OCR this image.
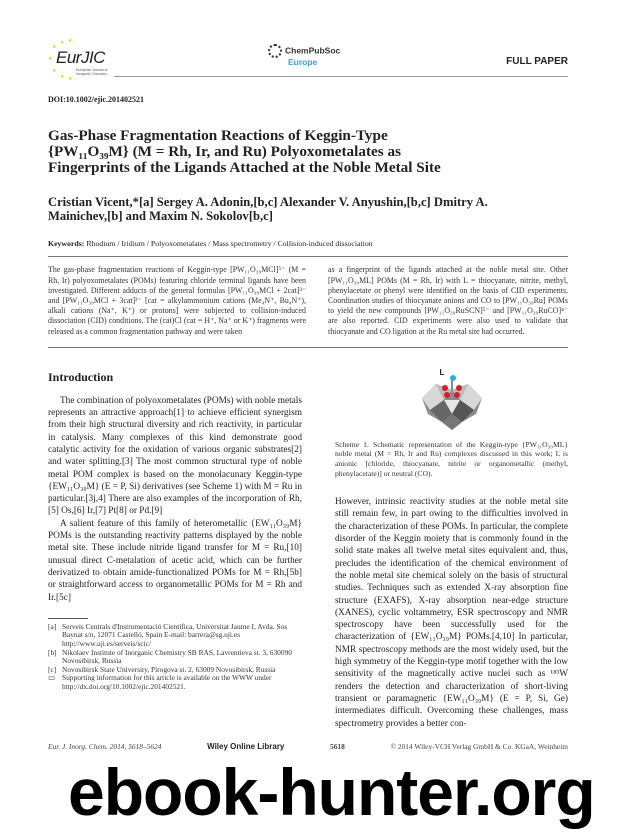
★
★ ★
★
★
★ ★
EurJIC
European Journal of Inorganic Chemistry
ChemPubSoc
Europe	FULL PAPER
DOI:10.1002/ejic.201402521
Gas-Phase Fragmentation Reactions of Keggin-Type {PW₁₁O₃₉M} (M = Rh, Ir, and Ru) Polyoxometalates as Fingerprints of the Ligands Attached at the Noble Metal Site
Cristian Vicent,*[a] Sergey A. Adonin,[b,c] Alexander V. Anyushin,[b,c] Dmitry A. Mainichev,[b] and Maxim N. Sokolov[b,c]
Keywords: Rhodium / Iridium / Polyoxometalates / Mass spectrometry / Collision-induced dissociation
The gas-phase fragmentation reactions of Keggin-type [PW₁₁O₃₉MCl]⁵⁻ (M = Rh, Ir) polyoxometalates (POMs) featuring chloride terminal ligands have been investigated. Different adducts of the general formulas [PW₁₁O₃₉MCl + 2cat]³⁻ and [PW₁₁O₃₉MCl + 3cat]²⁻ [cat = alkylammonium cations (Me₄N⁺, Bu₄N⁺), alkali cations (Na⁺, K⁺) or protons] were subjected to collision-induced dissociation (CID) conditions. The (cat)Cl (cat = H⁺, Na⁺ or K⁺) fragments were released as a common fragmentation pathway and were taken
as a fingerprint of the ligands attached at the noble metal site. Other [PW₁₁O₃₉ML] POMs (M = Rh, Ir) with L = thiocyanate, nitrite, methyl, phenylacetate or phenyl were identified on the basis of CID experiments. Coordination studies of thiocyanate anions and CO to [PW₁₁O₃₉Ru] POMs to yield the new compounds [PW₁₁O₃₉RuSCN]⁵⁻ and [PW₁₁O₃₉RuCO]⁴⁻ are also reported. CID experiments were also used to validate that thiocyanate and CO ligation at the Ru metal site had occurred.
Introduction

The combination of polyoxometalates (POMs) with noble metals represents an attractive approach[1] to achieve efficient synergism from their high structural diversity and rich reactivity, in particular in catalysis. Many complexes of this kind demonstrate good catalytic activity for the oxidation of various organic substrates[2] and water splitting.[3] The most common structural type of noble metal POM complex is based on the monolacunary Keggin-type {EW₁₁O₃₉M} (E = P, Si) derivatives (see Scheme 1) with M = Ru in particular.[3j,4] There are also examples of the incorporation of Rh,[5] Os,[6] Ir,[7] Pt[8] or Pd.[9]

A salient feature of this family of heterometallic {EW₁₁O₃₉M} POMs is the outstanding reactivity patterns displayed by the noble metal site. These include nitride ligand transfer for M = Ru,[10] unusual direct C-metalation of acetic acid, which can be further derivatized to obtain amide-functionalized POMs for M = Rh,[5b] or straightforward access to organometallic POMs for M = Rh and Ir.[5c]

[a] Serveis Centrals d'Instrumentació Científica, Universitat Jaume I, Avda. Sos Baynat s/n, 12071 Castelló, Spain E-mail: barrera@sg.uji.es http://www.uji.es/serveis/scic/
[b] Nikolaev Institute of Inorganic Chemistry SB RAS, Lavrentieva st. 3, 630090 Novosibirsk, Russia
[c] Novosibirsk State University, Pirogova st. 2, 63009 Novosibirsk, Russia
▭ Supporting information for this article is available on the WWW under http://dx.doi.org/10.1002/ejic.201402521.
L
Scheme 1. Schematic representation of the Keggin-type {PW₁₁O₃₉ML} noble metal (M = Rh, Ir and Ru) complexes discussed in this work; L is anionic [chloride, thiocyanate, nitrite or organometallic (methyl, phenylacetate)] or neutral (CO).

However, intrinsic reactivity studies at the noble metal site still remain few, in part owing to the difficulties involved in the characterization of these POMs. In particular, the complete disorder of the Keggin moiety that is commonly found in the solid state makes all twelve metal sites equivalent and, thus, precludes the identification of the chemical environment of the noble metal site chemical solely on the basis of structural studies. Techniques such as extended X-ray absorption fine structure (EXAFS), X-ray absorption near-edge structure (XANES), cyclic voltammetry, ESR spectroscopy and NMR spectroscopy have been successfully used for the characterization of {EW₁₁O₃₉M} POMs.[4,10] In particular, NMR spectroscopy methods are the most widely used, but the high symmetry of the Keggin-type motif together with the low sensitivity of the magnetically active nuclei such as ¹⁸³W renders the detection and characterization of short-living transient or paramagnetic {EW₁₁O₃₉M} (E = P, Si, Ge) intermediates difficult. Overcoming these challenges, mass spectrometry provides a better con-

Eur. J. Inorg. Chem. 2014, 5618–5624	Wiley Online Library	5618	© 2014 Wiley-VCH Verlag GmbH & Co. KGaA, Weinheim
ebook-hunter.org
